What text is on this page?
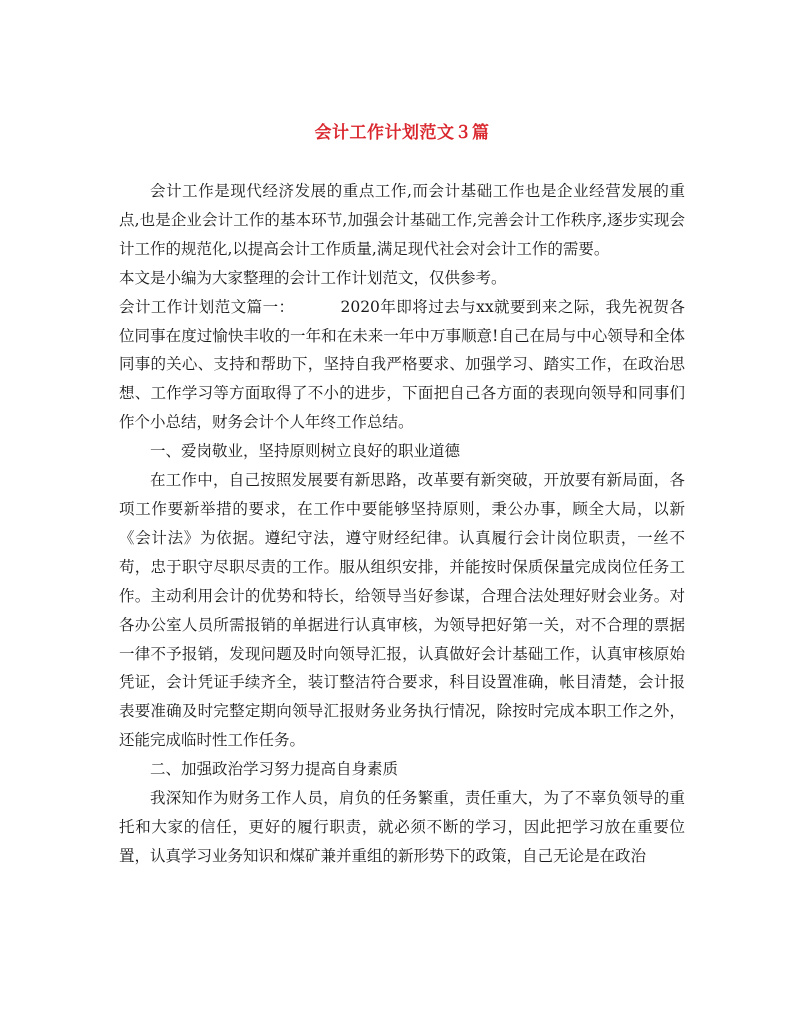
会计工作计划范文３篇

会计工作是现代经济发展的重点工作,而会计基础工作也是企业经营发展的重点,也是企业会计工作的基本环节,加强会计基础工作,完善会计工作秩序,逐步实现会计工作的规范化,以提高会计工作质量,满足现代社会对会计工作的需要。

本文是小编为大家整理的会计工作计划范文，仅供参考。

会计工作计划范文篇一：	2020年即将过去与xx就要到来之际，我先祝贺各位同事在度过愉快丰收的一年和在未来一年中万事顺意!自己在局与中心领导和全体同事的关心、支持和帮助下，坚持自我严格要求、加强学习、踏实工作，在政治思想、工作学习等方面取得了不小的进步，下面把自己各方面的表现向领导和同事们作个小总结，财务会计个人年终工作总结。

一、爱岗敬业，坚持原则树立良好的职业道德

在工作中，自己按照发展要有新思路，改革要有新突破，开放要有新局面，各项工作要新举措的要求，在工作中要能够坚持原则，秉公办事，顾全大局，以新《会计法》为依据。遵纪守法，遵守财经纪律。认真履行会计岗位职责，一丝不苟，忠于职守尽职尽责的工作。服从组织安排，并能按时保质保量完成岗位任务工作。主动利用会计的优势和特长，给领导当好参谋，合理合法处理好财会业务。对各办公室人员所需报销的单据进行认真审核，为领导把好第一关，对不合理的票据一律不予报销，发现问题及时向领导汇报，认真做好会计基础工作，认真审核原始凭证，会计凭证手续齐全，装订整洁符合要求，科目设置准确，帐目清楚，会计报表要准确及时完整定期向领导汇报财务业务执行情况，除按时完成本职工作之外，还能完成临时性工作任务。

二、加强政治学习努力提高自身素质

我深知作为财务工作人员，肩负的任务繁重，责任重大，为了不辜负领导的重托和大家的信任，更好的履行职责，就必须不断的学习，因此把学习放在重要位置，认真学习业务知识和煤矿兼并重组的新形势下的政策，自己无论是在政治
